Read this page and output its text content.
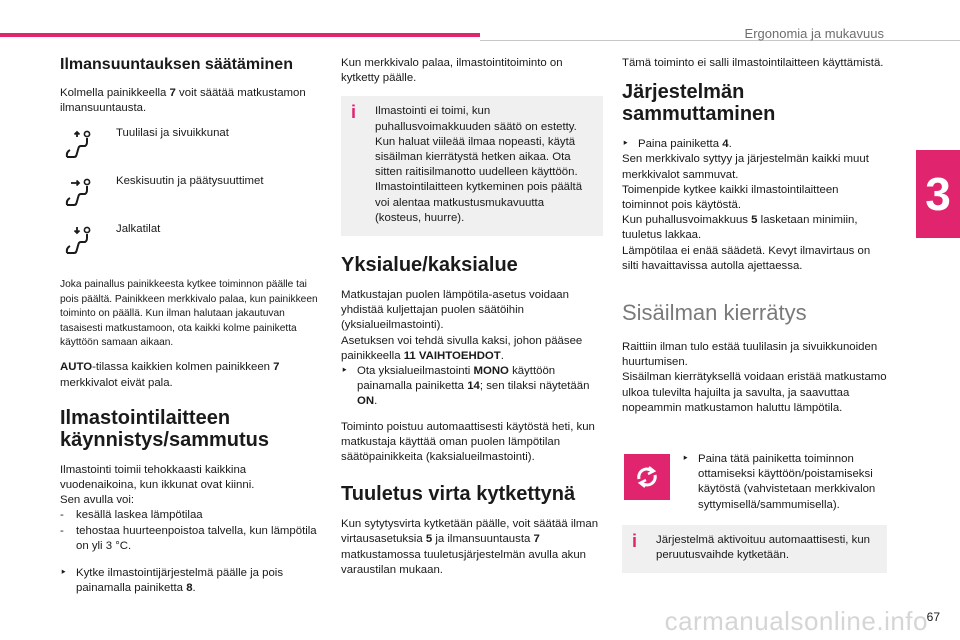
Ergonomia ja mukavuus
3
carmanualsonline.info
67
Ilmansuuntauksen säätäminen

Kolmella painikkeella 7 voit säätää matkustamon ilmansuuntausta.

Tuulilasi ja sivuikkunat
Keskisuutin ja päätysuuttimet
Jalkatilat

Joka painallus painikkeesta kytkee toiminnon päälle tai pois päältä. Painikkeen merkkivalo palaa, kun painikkeen toiminto on päällä. Kun ilman halutaan jakautuvan tasaisesti matkustamoon, ota kaikki kolme painiketta käyttöön samaan aikaan.

AUTO-tilassa kaikkien kolmen painikkeen 7 merkkivalot eivät pala.

Ilmastointilaitteen käynnistys/sammutus

Ilmastointi toimii tehokkaasti kaikkina vuodenaikoina, kun ikkunat ovat kiinni.

Sen avulla voi:

-	kesällä laskea lämpötilaa
-	tehostaa huurteenpoistoa talvella, kun lämpötila on yli 3 °C.
‣ Kytke ilmastointijärjestelmä päälle ja pois painamalla painiketta 8.

Kun merkkivalo palaa, ilmastointitoiminto on kytketty päälle.

i	Ilmastointi ei toimi, kun puhallusvoimakkuuden säätö on estetty. Kun haluat viileää ilmaa nopeasti, käytä sisäilman kierrätystä hetken aikaa. Ota sitten raitisilmanotto uudelleen käyttöön. Ilmastointilaitteen kytkeminen pois päältä voi alentaa matkustusmukavuutta (kosteus, huurre).

Yksialue/kaksialue

Matkustajan puolen lämpötila-asetus voidaan yhdistää kuljettajan puolen säätöihin (yksialueilmastointi).

Asetuksen voi tehdä sivulla kaksi, johon pääsee painikkeella 11 VAIHTOEHDOT.

‣ Ota yksialueilmastointi MONO käyttöön painamalla painiketta 14; sen tilaksi näytetään ON.

Toiminto poistuu automaattisesti käytöstä heti, kun matkustaja käyttää oman puolen lämpötilan säätöpainikkeita (kaksialueilmastointi).

Tuuletus virta kytkettynä

Kun sytytysvirta kytketään päälle, voit säätää ilman virtausasetuksia 5 ja ilmansuuntausta 7 matkustamossa tuuletusjärjestelmän avulla akun varaustilan mukaan.

Tämä toiminto ei salli ilmastointilaitteen käyttämistä.

Järjestelmän sammuttaminen
‣ Paina painiketta 4.

Sen merkkivalo syttyy ja järjestelmän kaikki muut merkkivalot sammuvat.

Toimenpide kytkee kaikki ilmastointilaitteen toiminnot pois käytöstä.

Kun puhallusvoimakkuus 5 lasketaan minimiin, tuuletus lakkaa.

Lämpötilaa ei enää säädetä. Kevyt ilmavirtaus on silti havaittavissa autolla ajettaessa.

Sisäilman kierrätys

Raittiin ilman tulo estää tuulilasin ja sivuikkunoiden huurtumisen.

Sisäilman kierrätyksellä voidaan eristää matkustamo ulkoa tulevilta hajuilta ja savulta, ja saavuttaa nopeammin matkustamon haluttu lämpötila.

‣ Paina tätä painiketta toiminnon ottamiseksi käyttöön/poistamiseksi käytöstä (vahvistetaan merkkivalon syttymisellä/sammumisella).
i	Järjestelmä aktivoituu automaattisesti, kun peruutusvaihde kytketään.
